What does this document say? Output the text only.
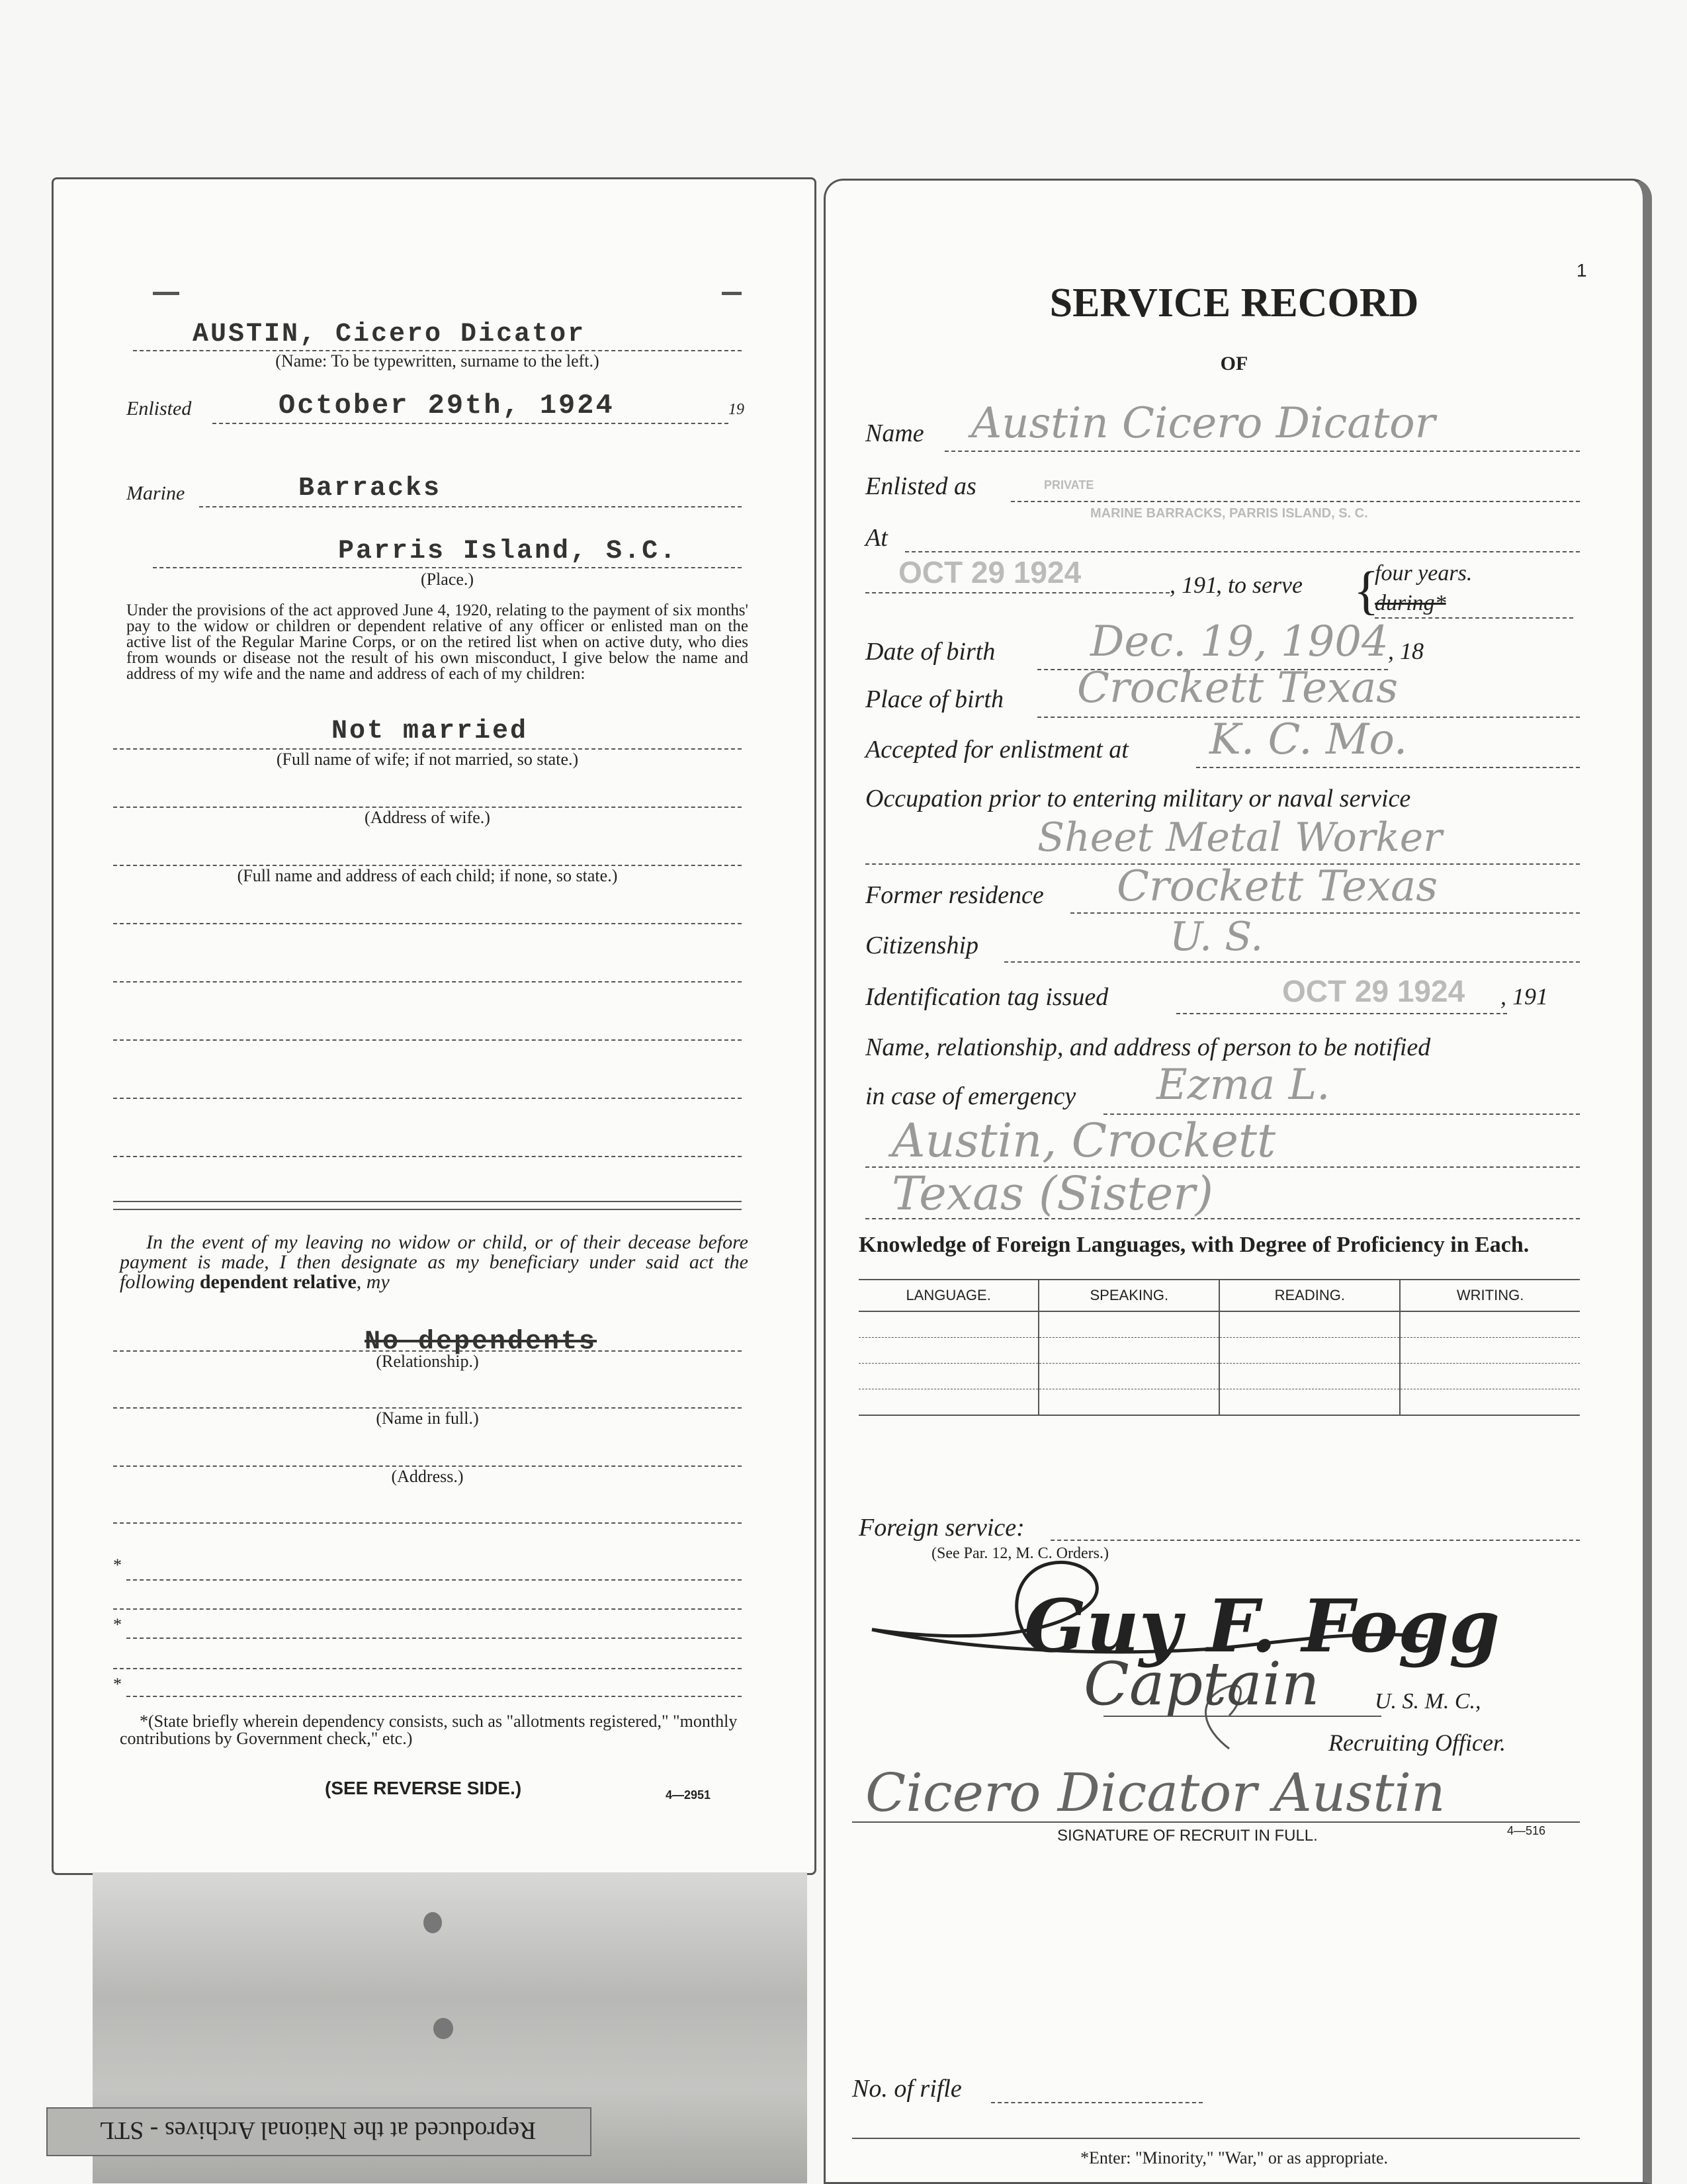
AUSTIN, Cicero Dicator
(Name: To be typewritten, surname to the left.)
Enlisted	October 29th, 1924	19
Marine	Barracks
Parris Island, S.C.
(Place.)
Under the provisions of the act approved June 4, 1920, relating to the payment of six months' pay to the widow or children or dependent relative of any officer or enlisted man on the active list of the Regular Marine Corps, or on the retired list when on active duty, who dies from wounds or disease not the result of his own misconduct, I give below the name and address of my wife and the name and address of each of my children:
Not married
(Full name of wife; if not married, so state.)
(Address of wife.)
(Full name and address of each child; if none, so state.)
In the event of my leaving no widow or child, or of their decease before payment is made, I then designate as my beneficiary under said act the following dependent relative, my
No dependents
(Relationship.)
(Name in full.)
(Address.)
*
*
*
*(State briefly wherein dependency consists, such as "allotments registered," "monthly contributions by Government check," etc.)
(SEE REVERSE SIDE.)	4—2951
Reproduced at the National Archives - STL
1
SERVICE RECORD
OF
Name Austin Cicero Dicator
Enlisted as	PRIVATE
At
MARINE BARRACKS, PARRIS ISLAND, S. C.
OCT 29 1924	, 191
, to serve {
four years.
during*
Date of birth Dec. 19, 1904 , 18
Place of birth Crockett Texas
Accepted for enlistment at K. C. Mo.
Occupation prior to entering military or naval service
Sheet Metal Worker
Former residence Crockett Texas
Citizenship	U. S.
Identification tag issued	OCT 29 1924 , 191
Name, relationship, and address of person to be notified
in case of emergency Ezma L.
Austin, Crockett
Texas (Sister)
Knowledge of Foreign Languages, with Degree of Proficiency in Each.
LANGUAGE.	SPEAKING.	READING.	WRITING.

Foreign service:
(See Par. 12, M. C. Orders.)
Guy F. Fogg
Captain U. S. M. C.,
Recruiting Officer.
Cicero Dicator Austin
SIGNATURE OF RECRUIT IN FULL.	4—516
No. of rifle
*Enter: "Minority," "War," or as appropriate.
